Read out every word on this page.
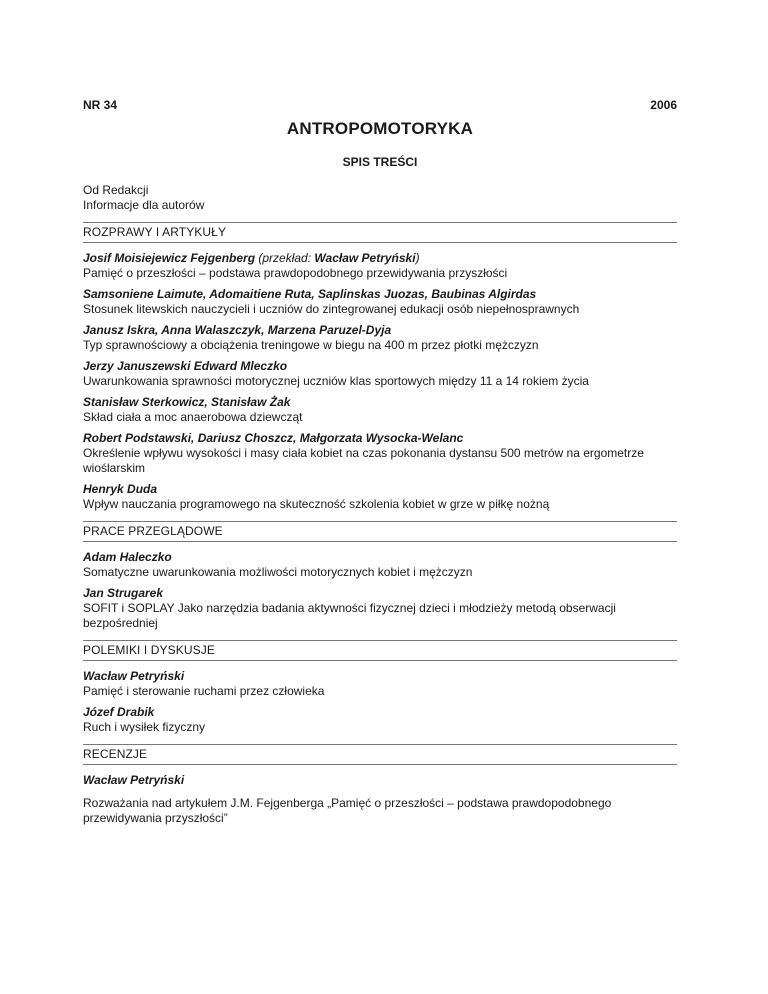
NR 34	2006
ANTROPOMOTORYKA
SPIS TREŚCI
Od Redakcji
Informacje dla autorów
ROZPRAWY I ARTYKUŁY
Josif Moisiejewicz Fejgenberg (przekład: Wacław Petryński)
Pamięć o przeszłości – podstawa prawdopodobnego przewidywania przyszłości
Samsoniene Laimute, Adomaitiene Ruta, Saplinskas Juozas, Baubinas Algirdas
Stosunek litewskich nauczycieli i uczniów do zintegrowanej edukacji osób niepełnosprawnych
Janusz Iskra, Anna Walaszczyk, Marzena Paruzel-Dyja
Typ sprawnościowy a obciążenia treningowe w biegu na 400 m przez płotki mężczyzn
Jerzy Januszewski Edward Mleczko
Uwarunkowania sprawności motorycznej uczniów klas sportowych między 11 a 14 rokiem życia
Stanisław Sterkowicz, Stanisław Żak
Skład ciała a moc anaerobowa dziewcząt
Robert Podstawski, Dariusz Choszcz, Małgorzata Wysocka-Welanc
Określenie wpływu wysokości i masy ciała kobiet na czas pokonania dystansu 500 metrów na ergometrze wioślarskim
Henryk Duda
Wpływ nauczania programowego na skuteczność szkolenia kobiet w grze w piłkę nożną
PRACE PRZEGLĄDOWE
Adam Haleczko
Somatyczne uwarunkowania możliwości motorycznych kobiet i mężczyzn
Jan Strugarek
SOFIT i SOPLAY Jako narzędzia badania aktywności fizycznej dzieci i młodzieży metodą obserwacji bezpośredniej
POLEMIKI I DYSKUSJE
Wacław Petryński
Pamięć i sterowanie ruchami przez człowieka
Józef Drabik
Ruch i wysiłek fizyczny
RECENZJE
Wacław Petryński
Rozważania nad artykułem J.M. Fejgenberga „Pamięć o przeszłości – podstawa prawdopodobnego przewidywania przyszłości”
